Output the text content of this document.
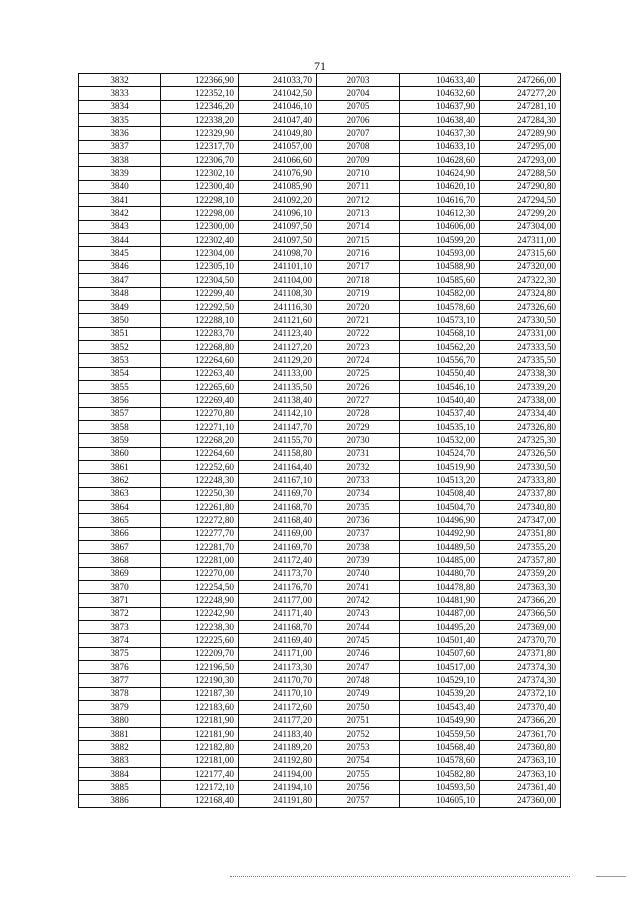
71
3832	122366,90	241033,70	20703	104633,40	247266,00
3833	122352,10	241042,50	20704	104632,60	247277,20
3834	122346,20	241046,10	20705	104637,90	247281,10
3835	122338,20	241047,40	20706	104638,40	247284,30
3836	122329,90	241049,80	20707	104637,30	247289,90
3837	122317,70	241057,00	20708	104633,10	247295,00
3838	122306,70	241066,60	20709	104628,60	247293,00
3839	122302,10	241076,90	20710	104624,90	247288,50
3840	122300,40	241085,90	20711	104620,10	247290,80
3841	122298,10	241092,20	20712	104616,70	247294,50
3842	122298,00	241096,10	20713	104612,30	247299,20
3843	122300,00	241097,50	20714	104606,00	247304,00
3844	122302,40	241097,50	20715	104599,20	247311,00
3845	122304,00	241098,70	20716	104593,00	247315,60
3846	122305,10	241101,10	20717	104588,90	247320,00
3847	122304,50	241104,00	20718	104585,60	247322,30
3848	122299,40	241108,30	20719	104582,00	247324,80
3849	122292,50	241116,30	20720	104578,60	247326,60
3850	122288,10	241121,60	20721	104573,10	247330,50
3851	122283,70	241123,40	20722	104568,10	247331,00
3852	122268,80	241127,20	20723	104562,20	247333,50
3853	122264,60	241129,20	20724	104556,70	247335,50
3854	122263,40	241133,00	20725	104550,40	247338,30
3855	122265,60	241135,50	20726	104546,10	247339,20
3856	122269,40	241138,40	20727	104540,40	247338,00
3857	122270,80	241142,10	20728	104537,40	247334,40
3858	122271,10	241147,70	20729	104535,10	247326,80
3859	122268,20	241155,70	20730	104532,00	247325,30
3860	122264,60	241158,80	20731	104524,70	247326,50
3861	122252,60	241164,40	20732	104519,90	247330,50
3862	122248,30	241167,10	20733	104513,20	247333,80
3863	122250,30	241169,70	20734	104508,40	247337,80
3864	122261,80	241168,70	20735	104504,70	247340,80
3865	122272,80	241168,40	20736	104496,90	247347,00
3866	122277,70	241169,00	20737	104492,90	247351,80
3867	122281,70	241169,70	20738	104489,50	247355,20
3868	122281,00	241172,40	20739	104485,00	247357,80
3869	122270,00	241173,70	20740	104480,70	247359,20
3870	122254,50	241176,70	20741	104478,80	247363,30
3871	122248,90	241177,00	20742	104481,90	247366,20
3872	122242,90	241171,40	20743	104487,00	247366,50
3873	122238,30	241168,70	20744	104495,20	247369,00
3874	122225,60	241169,40	20745	104501,40	247370,70
3875	122209,70	241171,00	20746	104507,60	247371,80
3876	122196,50	241173,30	20747	104517,00	247374,30
3877	122190,30	241170,70	20748	104529,10	247374,30
3878	122187,30	241170,10	20749	104539,20	247372,10
3879	122183,60	241172,60	20750	104543,40	247370,40
3880	122181,90	241177,20	20751	104549,90	247366,20
3881	122181,90	241183,40	20752	104559,50	247361,70
3882	122182,80	241189,20	20753	104568,40	247360,80
3883	122181,00	241192,80	20754	104578,60	247363,10
3884	122177,40	241194,00	20755	104582,80	247363,10
3885	122172,10	241194,10	20756	104593,50	247361,40
3886	122168,40	241191,80	20757	104605,10	247360,00
